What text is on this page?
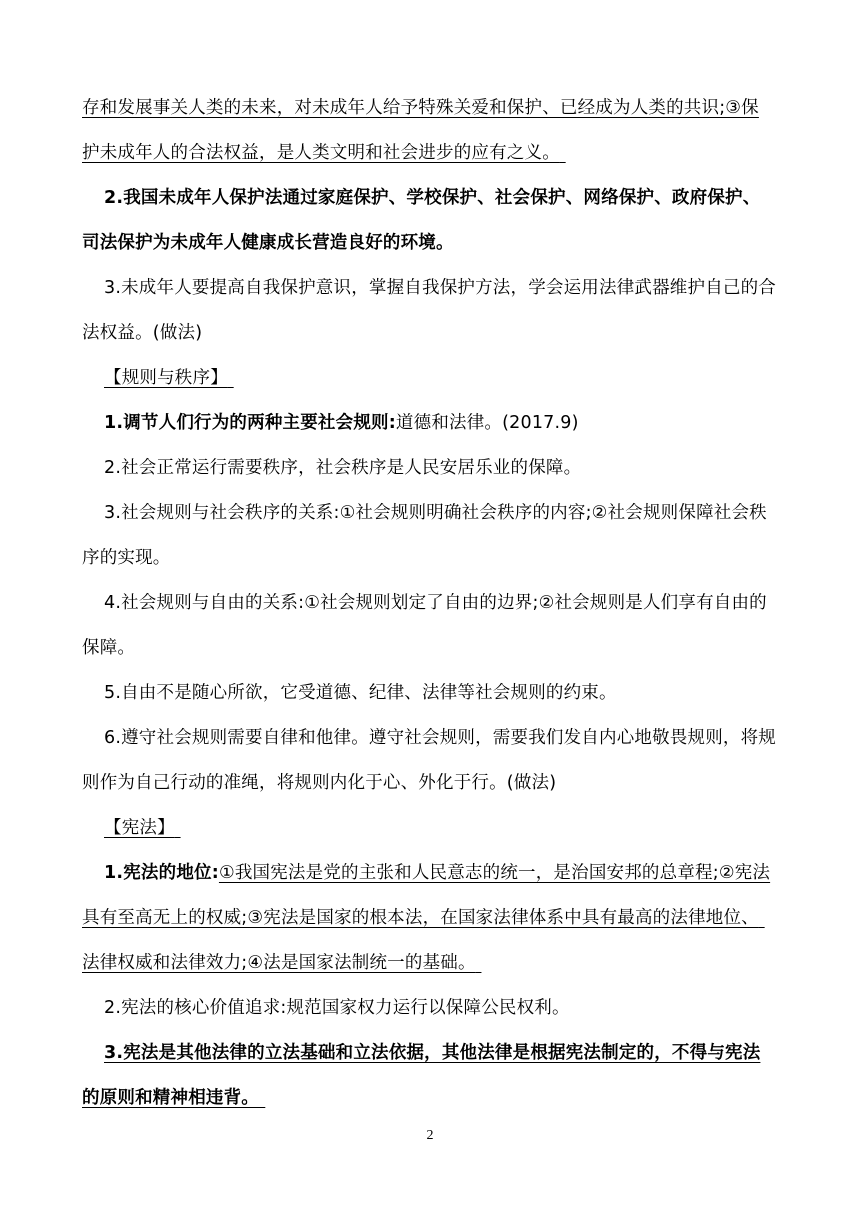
存和发展事关人类的未来，对未成年人给予特殊关爱和保护、已经成为人类的共识;③保
护未成年人的合法权益，是人类文明和社会进步的应有之义。
2.我国未成年人保护法通过家庭保护、学校保护、社会保护、网络保护、政府保护、
司法保护为未成年人健康成长营造良好的环境。
3.未成年人要提高自我保护意识，掌握自我保护方法，学会运用法律武器维护自己的合
法权益。(做法)
【规则与秩序】
1.调节人们行为的两种主要社会规则:道德和法律。(2017.9)
2.社会正常运行需要秩序，社会秩序是人民安居乐业的保障。
3.社会规则与社会秩序的关系:①社会规则明确社会秩序的内容;②社会规则保障社会秩
序的实现。
4.社会规则与自由的关系:①社会规则划定了自由的边界;②社会规则是人们享有自由的
保障。
5.自由不是随心所欲，它受道德、纪律、法律等社会规则的约束。
6.遵守社会规则需要自律和他律。遵守社会规则，需要我们发自内心地敬畏规则，将规
则作为自己行动的准绳，将规则内化于心、外化于行。(做法)
【宪法】
1.宪法的地位:①我国宪法是党的主张和人民意志的统一，是治国安邦的总章程;②宪法
具有至高无上的权威;③宪法是国家的根本法，在国家法律体系中具有最高的法律地位、
法律权威和法律效力;④法是国家法制统一的基础。
2.宪法的核心价值追求:规范国家权力运行以保障公民权利。
3.宪法是其他法律的立法基础和立法依据，其他法律是根据宪法制定的，不得与宪法
的原则和精神相违背。
2
